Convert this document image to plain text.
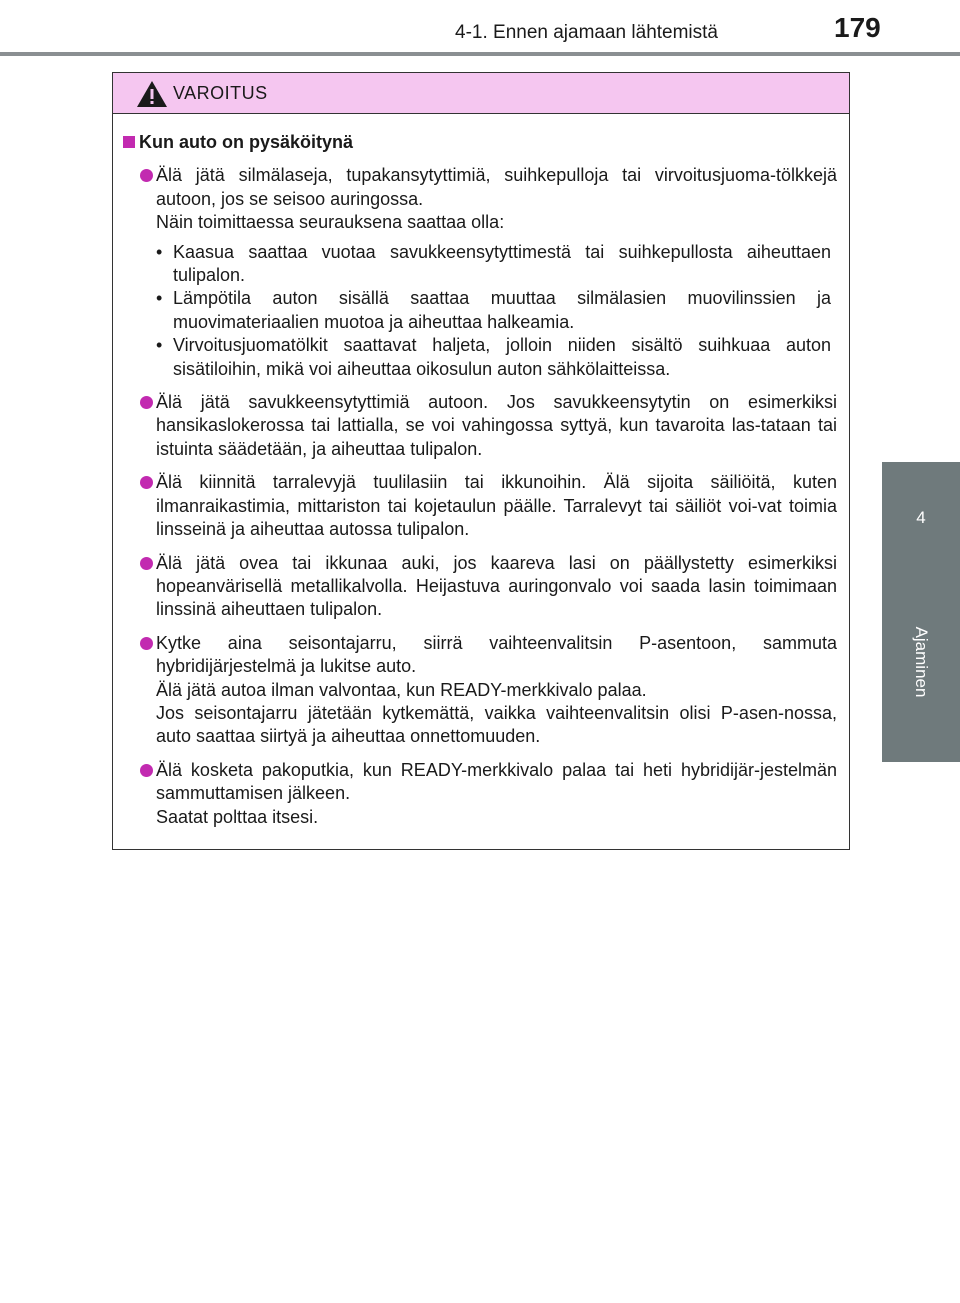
4-1. Ennen ajamaan lähtemistä	179
4
Ajaminen
VAROITUS
Kun auto on pysäköitynä
Älä jätä silmälaseja, tupakansytyttimiä, suihkepulloja tai virvoitusjuoma-tölkkejä autoon, jos se seisoo auringossa.
Näin toimittaessa seurauksena saattaa olla:
• Kaasua saattaa vuotaa savukkeensytyttimestä tai suihkepullosta aiheuttaen tulipalon.
• Lämpötila auton sisällä saattaa muuttaa silmälasien muovilinssien ja muovimateriaalien muotoa ja aiheuttaa halkeamia.
• Virvoitusjuomatölkit saattavat haljeta, jolloin niiden sisältö suihkuaa auton sisätiloihin, mikä voi aiheuttaa oikosulun auton sähkölaitteissa.
Älä jätä savukkeensytyttimiä autoon. Jos savukkeensytytin on esimerkiksi hansikaslokerossa tai lattialla, se voi vahingossa syttyä, kun tavaroita las-tataan tai istuinta säädetään, ja aiheuttaa tulipalon.
Älä kiinnitä tarralevyjä tuulilasiin tai ikkunoihin. Älä sijoita säiliöitä, kuten ilmanraikastimia, mittariston tai kojetaulun päälle. Tarralevyt tai säiliöt voi-vat toimia linsseinä ja aiheuttaa autossa tulipalon.
Älä jätä ovea tai ikkunaa auki, jos kaareva lasi on päällystetty esimerkiksi hopeanvärisellä metallikalvolla. Heijastuva auringonvalo voi saada lasin toimimaan linssinä aiheuttaen tulipalon.
Kytke aina seisontajarru, siirrä vaihteenvalitsin P-asentoon, sammuta hybridijärjestelmä ja lukitse auto.
Älä jätä autoa ilman valvontaa, kun READY-merkkivalo palaa.
Jos seisontajarru jätetään kytkemättä, vaikka vaihteenvalitsin olisi P-asen-nossa, auto saattaa siirtyä ja aiheuttaa onnettomuuden.
Älä kosketa pakoputkia, kun READY-merkkivalo palaa tai heti hybridijär-jestelmän sammuttamisen jälkeen.
Saatat polttaa itsesi.
